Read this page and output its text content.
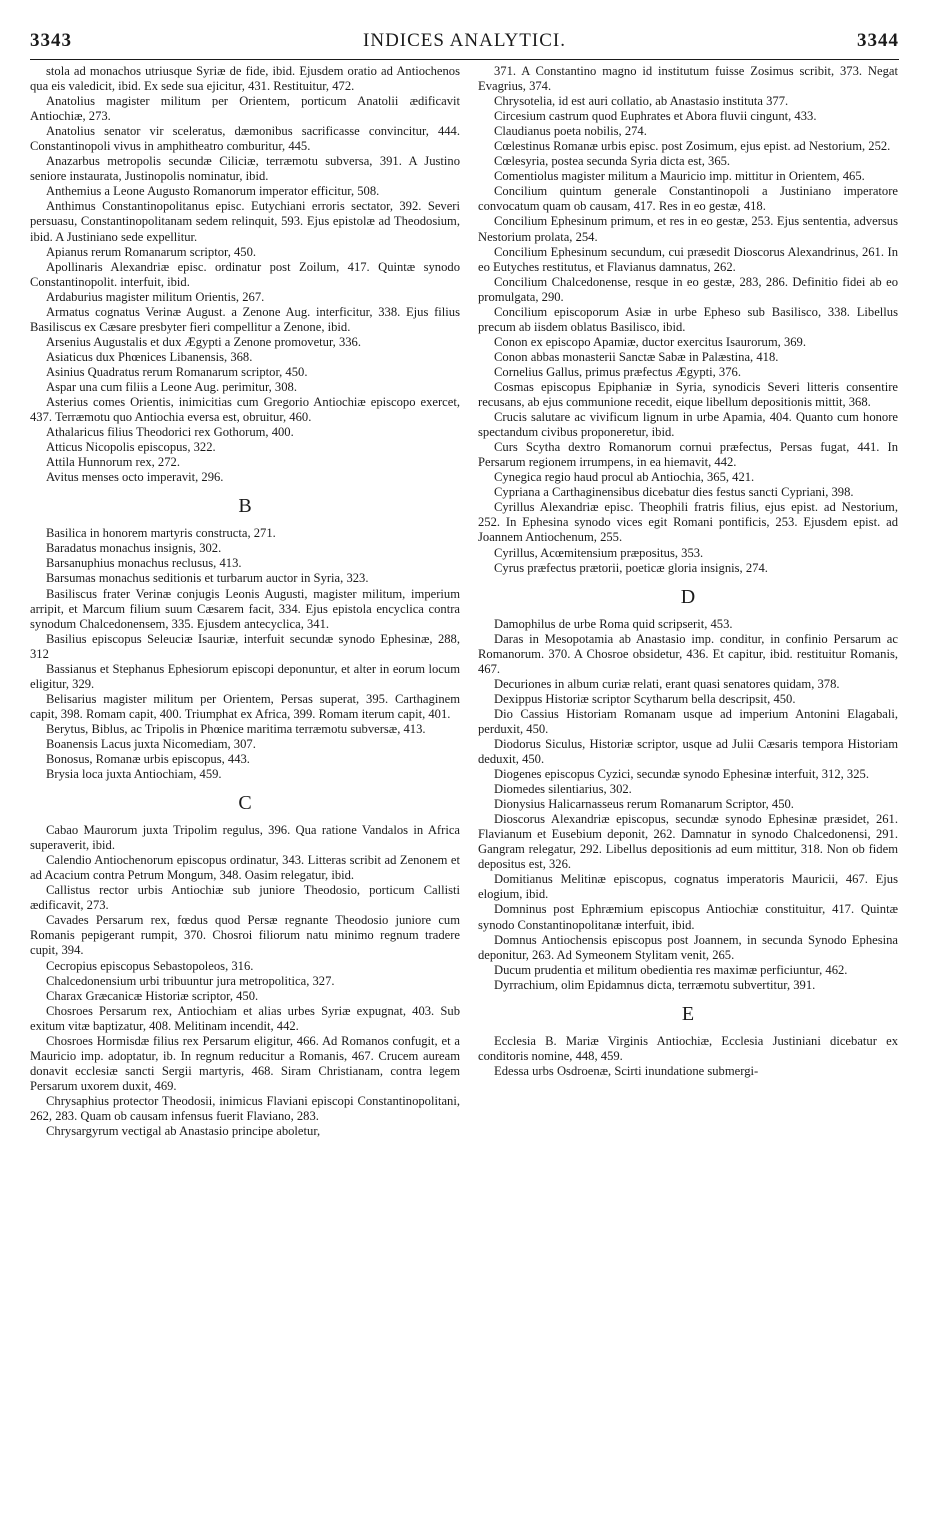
3343	INDICES ANALYTICI.	3344
stola ad monachos utriusque Syriæ de fide, ibid. Ejusdem oratio ad Antiochenos qua eis valedicit, ibid. Ex sede sua ejicitur, 431. Restituitur, 472.
Anatolius magister militum per Orientem, porticum Anatolii ædificavit Antiochiæ, 273.
Anatolius senator vir sceleratus, dæmonibus sacrificasse convincitur, 444. Constantinopoli vivus in amphitheatro comburitur, 445.
Anazarbus metropolis secundæ Ciliciæ, terræmotu subversa, 391. A Justino seniore instaurata, Justinopolis nominatur, ibid.
Anthemius a Leone Augusto Romanorum imperator efficitur, 508.
Anthimus Constantinopolitanus episc. Eutychiani erroris sectator, 392. Severi persuasu, Constantinopolitanam sedem relinquit, 593. Ejus epistolæ ad Theodosium, ibid. A Justiniano sede expellitur.
Apianus rerum Romanarum scriptor, 450.
Apollinaris Alexandriæ episc. ordinatur post Zoilum, 417. Quintæ synodo Constantinopolit. interfuit, ibid.
Ardaburius magister militum Orientis, 267.
Armatus cognatus Verinæ August. a Zenone Aug. interficitur, 338. Ejus filius Basiliscus ex Cæsare presbyter fieri compellitur a Zenone, ibid.
Arsenius Augustalis et dux Ægypti a Zenone promovetur, 336.
Asiaticus dux Phœnices Libanensis, 368.
Asinius Quadratus rerum Romanarum scriptor, 450.
Aspar una cum filiis a Leone Aug. perimitur, 308.
Asterius comes Orientis, inimicitias cum Gregorio Antiochiæ episcopo exercet, 437. Terræmotu quo Antiochia eversa est, obruitur, 460.
Athalaricus filius Theodorici rex Gothorum, 400.
Atticus Nicopolis episcopus, 322.
Attila Hunnorum rex, 272.
Avitus menses octo imperavit, 296.
B
Basilica in honorem martyris constructa, 271.
Baradatus monachus insignis, 302.
Barsanuphius monachus reclusus, 413.
Barsumas monachus seditionis et turbarum auctor in Syria, 323.
Basiliscus frater Verinæ conjugis Leonis Augusti, magister militum, imperium arripit, et Marcum filium suum Cæsarem facit, 334. Ejus epistola encyclica contra synodum Chalcedonensem, 335. Ejusdem antecyclica, 341.
Basilius episcopus Seleuciæ Isauriæ, interfuit secundæ synodo Ephesinæ, 288, 312
Bassianus et Stephanus Ephesiorum episcopi deponuntur, et alter in eorum locum eligitur, 329.
Belisarius magister militum per Orientem, Persas superat, 395. Carthaginem capit, 398. Romam capit, 400. Triumphat ex Africa, 399. Romam iterum capit, 401.
Berytus, Biblus, ac Tripolis in Phœnice maritima terræmotu subversæ, 413.
Boanensis Lacus juxta Nicomediam, 307.
Bonosus, Romanæ urbis episcopus, 443.
Brysia loca juxta Antiochiam, 459.
C
Cabao Maurorum juxta Tripolim regulus, 396. Qua ratione Vandalos in Africa superaverit, ibid.
Calendio Antiochenorum episcopus ordinatur, 343. Litteras scribit ad Zenonem et ad Acacium contra Petrum Mongum, 348. Oasim relegatur, ibid.
Callistus rector urbis Antiochiæ sub juniore Theodosio, porticum Callisti ædificavit, 273.
Cavades Persarum rex, fœdus quod Persæ regnante Theodosio juniore cum Romanis pepigerant rumpit, 370. Chosroi filiorum natu minimo regnum tradere cupit, 394.
Cecropius episcopus Sebastopoleos, 316.
Chalcedonensium urbi tribuuntur jura metropolitica, 327.
Charax Græcanicæ Historiæ scriptor, 450.
Chosroes Persarum rex, Antiochiam et alias urbes Syriæ expugnat, 403. Sub exitum vitæ baptizatur, 408. Melitinam incendit, 442.
Chosroes Hormisdæ filius rex Persarum eligitur, 466. Ad Romanos confugit, et a Mauricio imp. adoptatur, ib. In regnum reducitur a Romanis, 467. Crucem auream donavit ecclesiæ sancti Sergii martyris, 468. Siram Christianam, contra legem Persarum uxorem duxit, 469.
Chrysaphius protector Theodosii, inimicus Flaviani episcopi Constantinopolitani, 262, 283. Quam ob causam infensus fuerit Flaviano, 283.
Chrysargyrum vectigal ab Anastasio principe aboletur,
371. A Constantino magno id institutum fuisse Zosimus scribit, 373. Negat Evagrius, 374.
Chrysotelia, id est auri collatio, ab Anastasio instituta 377.
Circesium castrum quod Euphrates et Abora fluvii cingunt, 433.
Claudianus poeta nobilis, 274.
Cœlestinus Romanæ urbis episc. post Zosimum, ejus epist. ad Nestorium, 252.
Cœlesyria, postea secunda Syria dicta est, 365.
Comentiolus magister militum a Mauricio imp. mittitur in Orientem, 465.
Concilium quintum generale Constantinopoli a Justiniano imperatore convocatum quam ob causam, 417. Res in eo gestæ, 418.
Concilium Ephesinum primum, et res in eo gestæ, 253. Ejus sententia, adversus Nestorium prolata, 254.
Concilium Ephesinum secundum, cui præsedit Dioscorus Alexandrinus, 261. In eo Eutyches restitutus, et Flavianus damnatus, 262.
Concilium Chalcedonense, resque in eo gestæ, 283, 286. Definitio fidei ab eo promulgata, 290.
Concilium episcoporum Asiæ in urbe Epheso sub Basilisco, 338. Libellus precum ab iisdem oblatus Basilisco, ibid.
Conon ex episcopo Apamiæ, ductor exercitus Isaurorum, 369.
Conon abbas monasterii Sanctæ Sabæ in Palæstina, 418.
Cornelius Gallus, primus præfectus Ægypti, 376.
Cosmas episcopus Epiphaniæ in Syria, synodicis Severi litteris consentire recusans, ab ejus communione recedit, eique libellum depositionis mittit, 368.
Crucis salutare ac vivificum lignum in urbe Apamia, 404. Quanto cum honore spectandum civibus proponeretur, ibid.
Curs Scytha dextro Romanorum cornui præfectus, Persas fugat, 441. In Persarum regionem irrumpens, in ea hiemavit, 442.
Cynegica regio haud procul ab Antiochia, 365, 421.
Cypriana a Carthaginensibus dicebatur dies festus sancti Cypriani, 398.
Cyrillus Alexandriæ episc. Theophili fratris filius, ejus epist. ad Nestorium, 252. In Ephesina synodo vices egit Romani pontificis, 253. Ejusdem epist. ad Joannem Antiochenum, 255.
Cyrillus, Acœmitensium præpositus, 353.
Cyrus præfectus prætorii, poeticæ gloria insignis, 274.
D
Damophilus de urbe Roma quid scripserit, 453.
Daras in Mesopotamia ab Anastasio imp. conditur, in confinio Persarum ac Romanorum. 370. A Chosroe obsidetur, 436. Et capitur, ibid. restituitur Romanis, 467.
Decuriones in album curiæ relati, erant quasi senatores quidam, 378.
Dexippus Historiæ scriptor Scytharum bella descripsit, 450.
Dio Cassius Historiam Romanam usque ad imperium Antonini Elagabali, perduxit, 450.
Diodorus Siculus, Historiæ scriptor, usque ad Julii Cæsaris tempora Historiam deduxit, 450.
Diogenes episcopus Cyzici, secundæ synodo Ephesinæ interfuit, 312, 325.
Diomedes silentiarius, 302.
Dionysius Halicarnasseus rerum Romanarum Scriptor, 450.
Dioscorus Alexandriæ episcopus, secundæ synodo Ephesinæ præsidet, 261. Flavianum et Eusebium deponit, 262. Damnatur in synodo Chalcedonensi, 291. Gangram relegatur, 292. Libellus depositionis ad eum mittitur, 318. Non ob fidem depositus est, 326.
Domitianus Melitinæ episcopus, cognatus imperatoris Mauricii, 467. Ejus elogium, ibid.
Domninus post Ephræmium episcopus Antiochiæ constituitur, 417. Quintæ synodo Constantinopolitanæ interfuit, ibid.
Domnus Antiochensis episcopus post Joannem, in secunda Synodo Ephesina deponitur, 263. Ad Symeonem Stylitam venit, 265.
Ducum prudentia et militum obedientia res maximæ perficiuntur, 462.
Dyrrachium, olim Epidamnus dicta, terræmotu subvertitur, 391.
E
Ecclesia B. Mariæ Virginis Antiochiæ, Ecclesia Justiniani dicebatur ex conditoris nomine, 448, 459.
Edessa urbs Osdroenæ, Scirti inundatione submergi-
